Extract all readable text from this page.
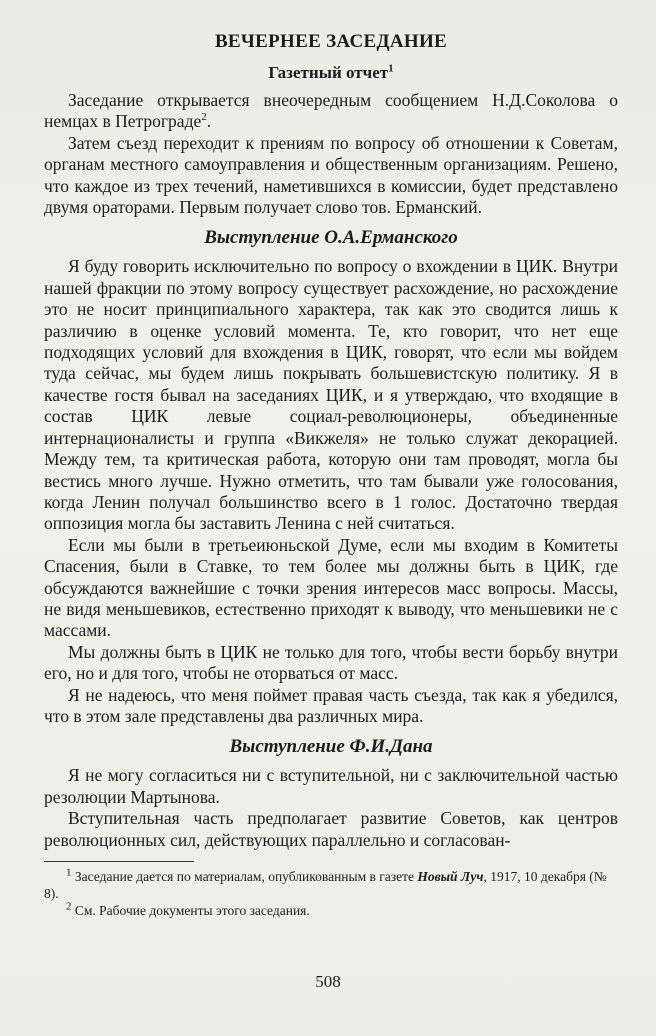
ВЕЧЕРНЕЕ ЗАСЕДАНИЕ
Газетный отчет$^1$

Заседание открывается внеочередным сообщением Н.Д.Соколова о немцах в Петрограде$^2$.

Затем съезд переходит к прениям по вопросу об отношении к Советам, органам местного самоуправления и общественным организациям. Решено, что каждое из трех течений, наметившихся в комиссии, будет представлено двумя ораторами. Первым получает слово тов. Ерманский.

Выступление О.А.Ерманского

Я буду говорить исключительно по вопросу о вхождении в ЦИК. Внутри нашей фракции по этому вопросу существует расхождение, но расхождение это не носит принципиального характера, так как это сводится лишь к различию в оценке условий момента. Те, кто говорит, что нет еще подходящих условий для вхождения в ЦИК, говорят, что если мы войдем туда сейчас, мы будем лишь покрывать большевистскую политику. Я в качестве гостя бывал на заседаниях ЦИК, и я утверждаю, что входящие в состав ЦИК левые социал-революционеры, объединенные интернационалисты и группа «Викжеля» не только служат декорацией. Между тем, та критическая работа, которую они там проводят, могла бы вестись много лучше. Нужно отметить, что там бывали уже голосования, когда Ленин получал большинство всего в 1 голос. Достаточно твердая оппозиция могла бы заставить Ленина с ней считаться.

Если мы были в третьеиюньской Думе, если мы входим в Комитеты Спасения, были в Ставке, то тем более мы должны быть в ЦИК, где обсуждаются важнейшие с точки зрения интересов масс вопросы. Массы, не видя меньшевиков, естественно приходят к выводу, что меньшевики не с массами.

Мы должны быть в ЦИК не только для того, чтобы вести борьбу внутри его, но и для того, чтобы не оторваться от масс.

Я не надеюсь, что меня поймет правая часть съезда, так как я убедился, что в этом зале представлены два различных мира.

Выступление Ф.И.Дана

Я не могу согласиться ни с вступительной, ни с заключительной частью резолюции Мартынова.

Вступительная часть предполагает развитие Советов, как центров революционных сил, действующих параллельно и согласован-

$^1$ Заседание дается по материалам, опубликованным в газете Новый Луч, 1917, 10 декабря (№ 8).

$^2$ См. Рабочие документы этого заседания.

508
